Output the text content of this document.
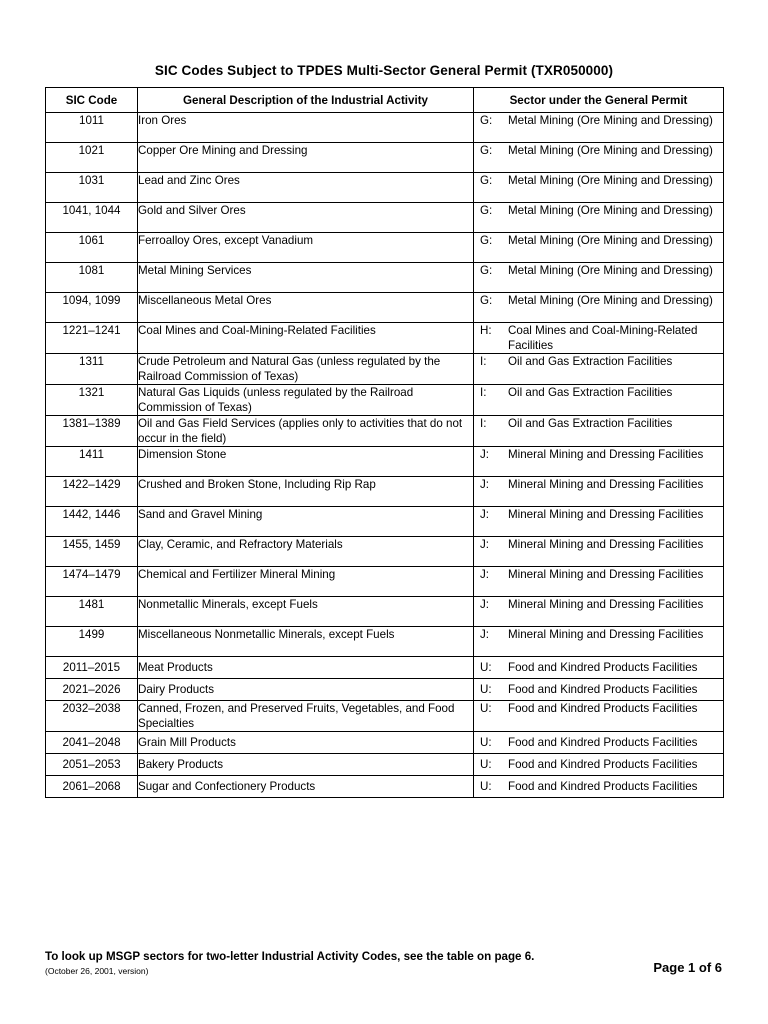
SIC Codes Subject to TPDES Multi-Sector General Permit (TXR050000)
SIC Code	General Description of the Industrial Activity	Sector under the General Permit
1011	Iron Ores	G: Metal Mining (Ore Mining and Dressing)

1021	Copper Ore Mining and Dressing	G: Metal Mining (Ore Mining and Dressing)

1031	Lead and Zinc Ores	G: Metal Mining (Ore Mining and Dressing)

1041, 1044	Gold and Silver Ores	G: Metal Mining (Ore Mining and Dressing)

1061	Ferroalloy Ores, except Vanadium	G: Metal Mining (Ore Mining and Dressing)

1081	Metal Mining Services	G: Metal Mining (Ore Mining and Dressing)

1094, 1099	Miscellaneous Metal Ores	G: Metal Mining (Ore Mining and Dressing)

1221–1241	Coal Mines and Coal-Mining-Related Facilities	H: Coal Mines and Coal-Mining-Related Facilities

1311	Crude Petroleum and Natural Gas (unless regulated by the Railroad Commission of Texas)	I: Oil and Gas Extraction Facilities

1321	Natural Gas Liquids (unless regulated by the Railroad Commission of Texas)	I: Oil and Gas Extraction Facilities

1381–1389	Oil and Gas Field Services (applies only to activities that do not occur in the field)	I: Oil and Gas Extraction Facilities

1411	Dimension Stone	J: Mineral Mining and Dressing Facilities

1422–1429	Crushed and Broken Stone, Including Rip Rap	J: Mineral Mining and Dressing Facilities

1442, 1446	Sand and Gravel Mining	J: Mineral Mining and Dressing Facilities

1455, 1459	Clay, Ceramic, and Refractory Materials	J: Mineral Mining and Dressing Facilities

1474–1479	Chemical and Fertilizer Mineral Mining	J: Mineral Mining and Dressing Facilities

1481	Nonmetallic Minerals, except Fuels	J: Mineral Mining and Dressing Facilities

1499	Miscellaneous Nonmetallic Minerals, except Fuels	J: Mineral Mining and Dressing Facilities

2011–2015	Meat Products	U: Food and Kindred Products Facilities

2021–2026	Dairy Products	U: Food and Kindred Products Facilities

2032–2038	Canned, Frozen, and Preserved Fruits, Vegetables, and Food Specialties	U: Food and Kindred Products Facilities

2041–2048	Grain Mill Products	U: Food and Kindred Products Facilities

2051–2053	Bakery Products	U: Food and Kindred Products Facilities

2061–2068	Sugar and Confectionery Products	U: Food and Kindred Products Facilities
To look up MSGP sectors for two-letter Industrial Activity Codes, see the table on page 6.
(October 26, 2001, version)	Page 1 of 6
